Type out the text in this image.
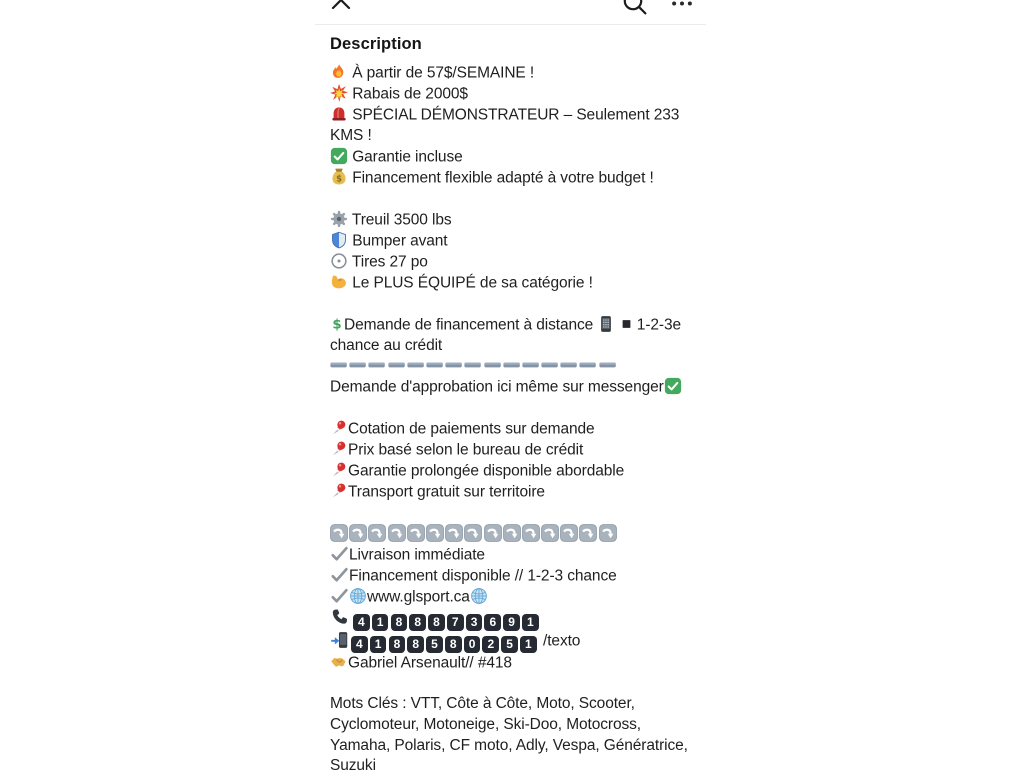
Description
À partir de 57$/SEMAINE !
Rabais de 2000$
SPÉCIAL DÉMONSTRATEUR – Seulement 233
KMS !
Garantie incluse
$ Financement flexible adapté à votre budget !
Treuil 3500 lbs
Bumper avant
Tires 27 po
Le PLUS ÉQUIPÉ de sa catégorie !
$ Demande de financement à distance

1-2-3e
chance au crédit
Demande d'approbation ici même sur messenger
Cotation de paiements sur demande
Prix basé selon le bureau de crédit
Garantie prolongée disponible abordable
Transport gratuit sur territoire
Livraison immédiate
Financement disponible // 1-2-3 chance
www.glsport.ca
4 1 8 8 8 7 3 6 9 1
4 1 8 8 5 8 0 2 5 1 /texto
Gabriel Arsenault// #418
Mots Clés : VTT, Côte à Côte, Moto, Scooter,
Cyclomoteur, Motoneige, Ski-Doo, Motocross,
Yamaha, Polaris, CF moto, Adly, Vespa, Génératrice,
Suzuki
